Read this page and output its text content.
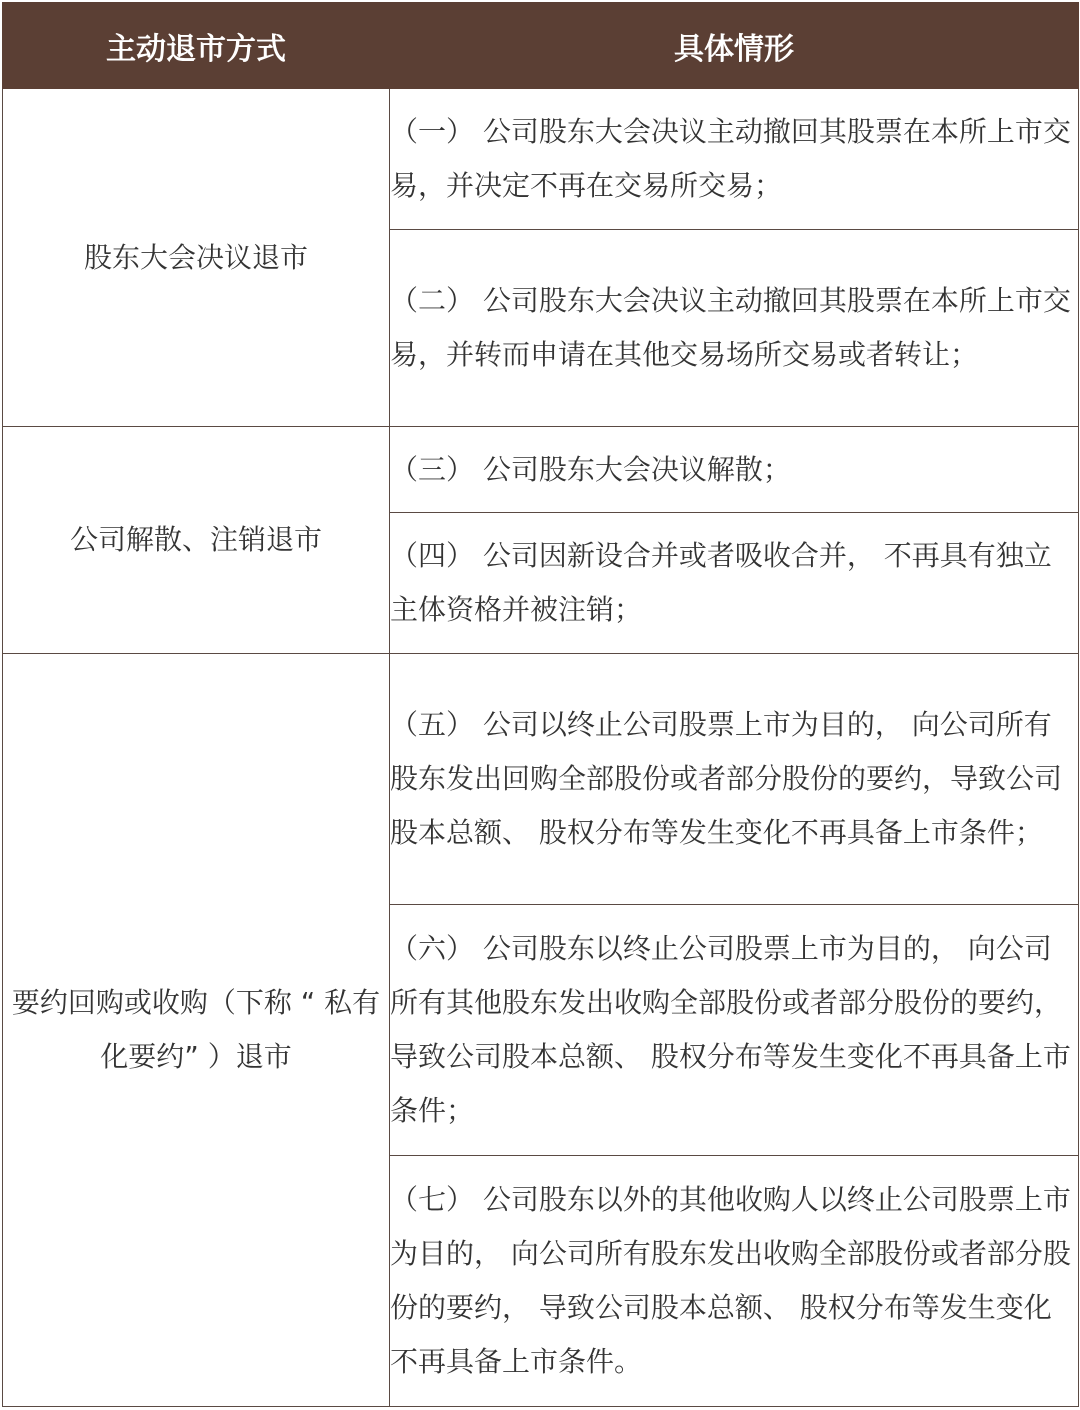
主动退市方式	具体情形
股东大会决议退市	（一） 公司股东大会决议主动撤回其股票在本所上市交易，并决定不再在交易所交易；
	（二） 公司股东大会决议主动撤回其股票在本所上市交易，并转而申请在其他交易场所交易或者转让；
公司解散、注销退市	（三） 公司股东大会决议解散；
	（四） 公司因新设合并或者吸收合并， 不再具有独立主体资格并被注销；
要约回购或收购（下称 “ 私有化要约” ）退市	（五） 公司以终止公司股票上市为目的， 向公司所有股东发出回购全部股份或者部分股份的要约，导致公司股本总额、 股权分布等发生变化不再具备上市条件；
	（六） 公司股东以终止公司股票上市为目的， 向公司所有其他股东发出收购全部股份或者部分股份的要约， 导致公司股本总额、 股权分布等发生变化不再具备上市条件；
	（七） 公司股东以外的其他收购人以终止公司股票上市为目的， 向公司所有股东发出收购全部股份或者部分股份的要约， 导致公司股本总额、 股权分布等发生变化不再具备上市条件。
